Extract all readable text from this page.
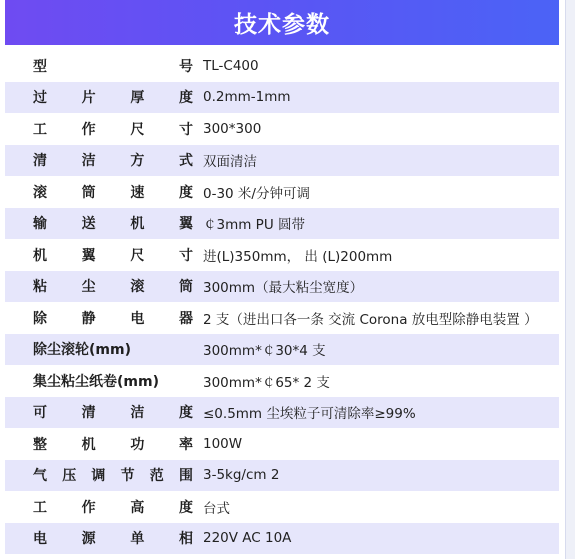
技术参数
型	号 TL-C400
过 片 厚 度 0.2mm-1mm
工 作 尺 寸 300*300
清 洁 方 式 双面清洁
滚 筒 速 度 0-30 米/分钟可调
输 送 机 翼 ￠3mm PU 圆带
机 翼 尺 寸 进(L)350mm， 出 (L)200mm
粘 尘 滚 筒 300mm（最大粘尘宽度）
除 静 电 器 2 支（进出口各一条 交流 Corona 放电型除静电装置 ）
除尘滚轮(mm)	300mm*￠30*4 支
集尘粘尘纸卷(mm)	300mm*￠65* 2 支
可 清 洁 度 ≤0.5mm 尘埃粒子可清除率≥99%
整 机 功 率 100W
气 压 调 节 范 围 3-5kg/cm 2
工 作 高 度 台式
电 源 单 相 220V AC 10A
